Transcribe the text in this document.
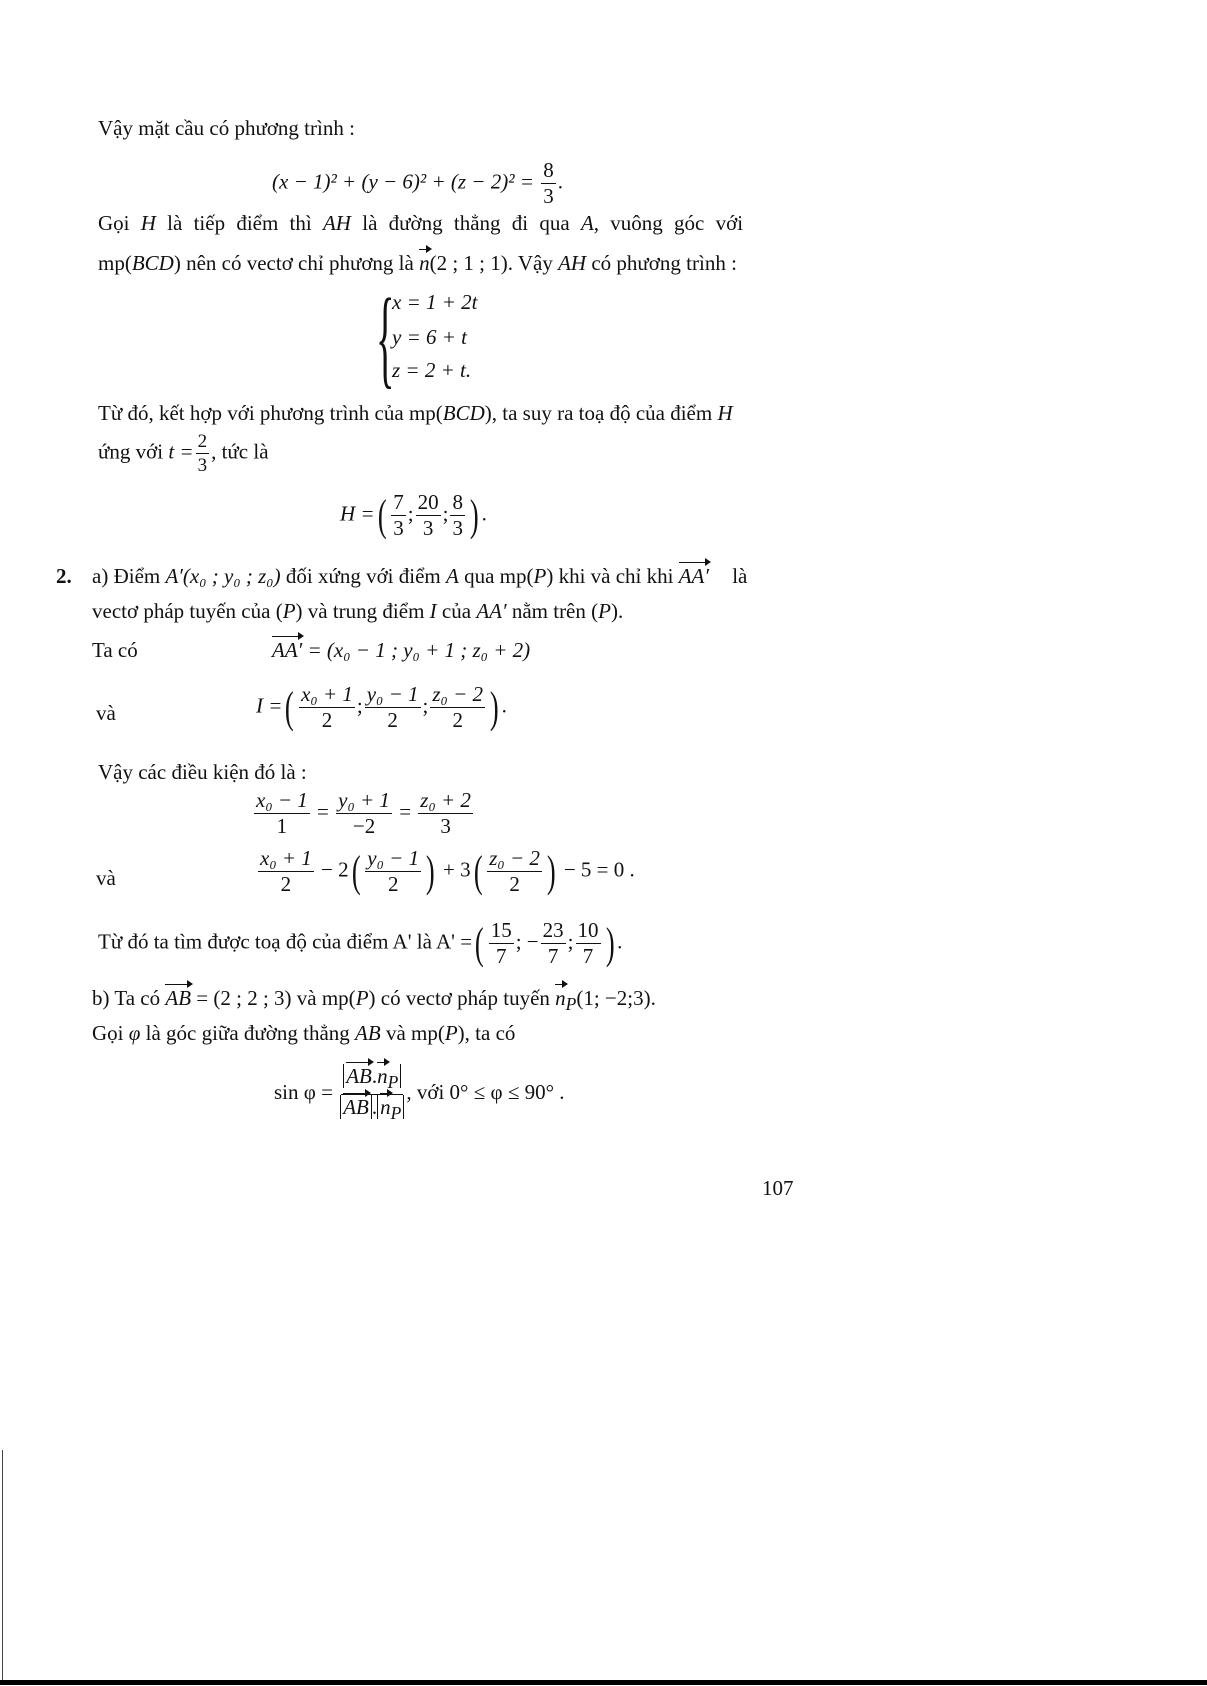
Vậy mặt cầu có phương trình :
$(x - 1)^2 + (y - 6)^2 + (z - 2)^2 = \frac{8}{3}$ .
Gọi H là tiếp điểm thì AH là đường thẳng đi qua A, vuông góc với
mp(BCD) nên có vectơ chỉ phương là n(2 ; 1 ; 1). Vậy AH có phương trình :
{
x = 1 + 2t
y = 6 + t
z = 2 + t.
Từ đó, kết hợp với phương trình của mp(BCD), ta suy ra toạ độ của điểm H
ứng với $t = \frac{2}{3}$ , tức là
H =( $\frac{7}{3}$ ; $\frac{20}{3}$ ; $\frac{8}{3}$ ) .
2. a) Điểm A′(x₀ ; y₀ ; z₀) đối xứng với điểm A qua mp(P) khi và chỉ khi AA′ là
vectơ pháp tuyến của (P) và trung điểm I của AA′ nằm trên (P).
Ta có	AA′ = (x₀ − 1 ; y₀ + 1 ; z₀ + 2)
và	I =( $\frac{\text{x₀ + 1}}{2}$ ; $\frac{\text{y₀ − 1}}{2}$ ; $\frac{\text{z₀ − 2}}{2}$ ) .
Vậy các điều kiện đó là :
$\frac{\text{x₀ − 1}}{1} = \frac{\text{y₀ + 1}}{-2} = \frac{\text{z₀ + 2}}{3}$
và	$\frac{\text{x₀ + 1}}{2} - 2( \frac{\text{y₀ − 1}}{2}$ ) + $3( \frac{\text{z₀ − 2}}{2}$ ) − 5 = 0 .
Từ đó ta tìm được toạ độ của điểm A' là A' =( $\frac{15}{7}$ ; − $\frac{23}{7}$ ; $\frac{10}{7}$ ) .
b) Ta có AB = (2 ; 2 ; 3) và mp(P) có vectơ pháp tuyến $n_P(1$; −2;3).
Gọi φ là góc giữa đường thẳng AB và mp(P), ta có
$\sin \varphi = \frac{AB.n_P}{AB . n_P}$ , với 0° ≤ φ ≤ 90° .
107
